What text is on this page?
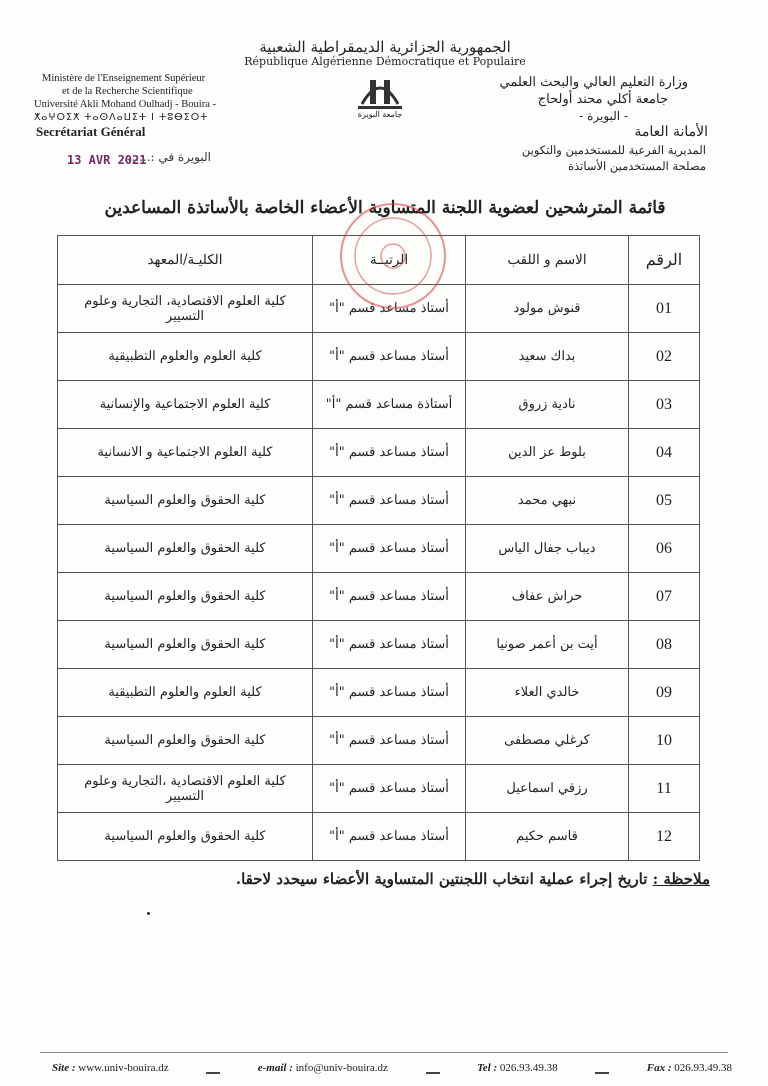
الجمهورية الجزائرية الديمقراطية الشعبية
République Algérienne Démocratique et Populaire
Ministère de l'Enseignement Supérieur
et de la Recherche Scientifique
Université Akli Mohand Oulhadj - Bouira -
ⵅⴰⵖⵔⵉⵅ ⵜⴰⵙⴷⴰⵡⵉⵜ ⵏ ⵜⵓⴱⵉⵔⵜ	جامعة البويرة
وزارة التعليم العالي والبحث العلمي
جامعة أكلي محند أولحاج
- البويرة -
Secrétariat Général	الأمانة العامة
13 AVR 2021
البويرة في :........	المديرية الفرعية للمستخدمين والتكوين
مصلحة المستخدمين الأساتذة
قائمة المترشحين لعضوية اللجنة المتساوية الأعضاء الخاصة بالأساتذة المساعدين
الرقم	الاسم و اللقب	الرتبــة	الكليـة/المعهد
01	قنوش مولود	أستاذ مساعد قسم "أ"	كلية العلوم الاقتصادية، التجارية وعلوم التسيير
02	بداك سعيد	أستاذ مساعد قسم "أ"	كلية العلوم والعلوم التطبيقية
03	نادية زروق	أستاذة مساعد قسم "أ"	كلية العلوم الاجتماعية والإنسانية
04	بلوط عز الدين	أستاذ مساعد قسم "أ"	كلية العلوم الاجتماعية و الانسانية
05	نبهي محمد	أستاذ مساعد قسم "أ"	كلية الحقوق والعلوم السياسية
06	ديباب جفال الياس	أستاذ مساعد قسم "أ"	كلية الحقوق والعلوم السياسية
07	حراش عفاف	أستاذ مساعد قسم "أ"	كلية الحقوق والعلوم السياسية
08	أيت بن أعمر صونيا	أستاذ مساعد قسم "أ"	كلية الحقوق والعلوم السياسية
09	خالدي العلاء	أستاذ مساعد قسم "أ"	كلية العلوم والعلوم التطبيقية
10	كرغلي مصطفى	أستاذ مساعد قسم "أ"	كلية الحقوق والعلوم السياسية
11	رزقي اسماعيل	أستاذ مساعد قسم "أ"	كلية العلوم الاقتصادية ،التجارية وعلوم التسيير
12	قاسم حكيم	أستاذ مساعد قسم "أ"	كلية الحقوق والعلوم السياسية
ملاحظة : تاريخ إجراء عملية انتخاب اللجنتين المتساوية الأعضاء سيحدد لاحقا.
Site : www.univ-bouira.dz	e-mail : info@univ-bouira.dz	Tel : 026.93.49.38	Fax : 026.93.49.38
